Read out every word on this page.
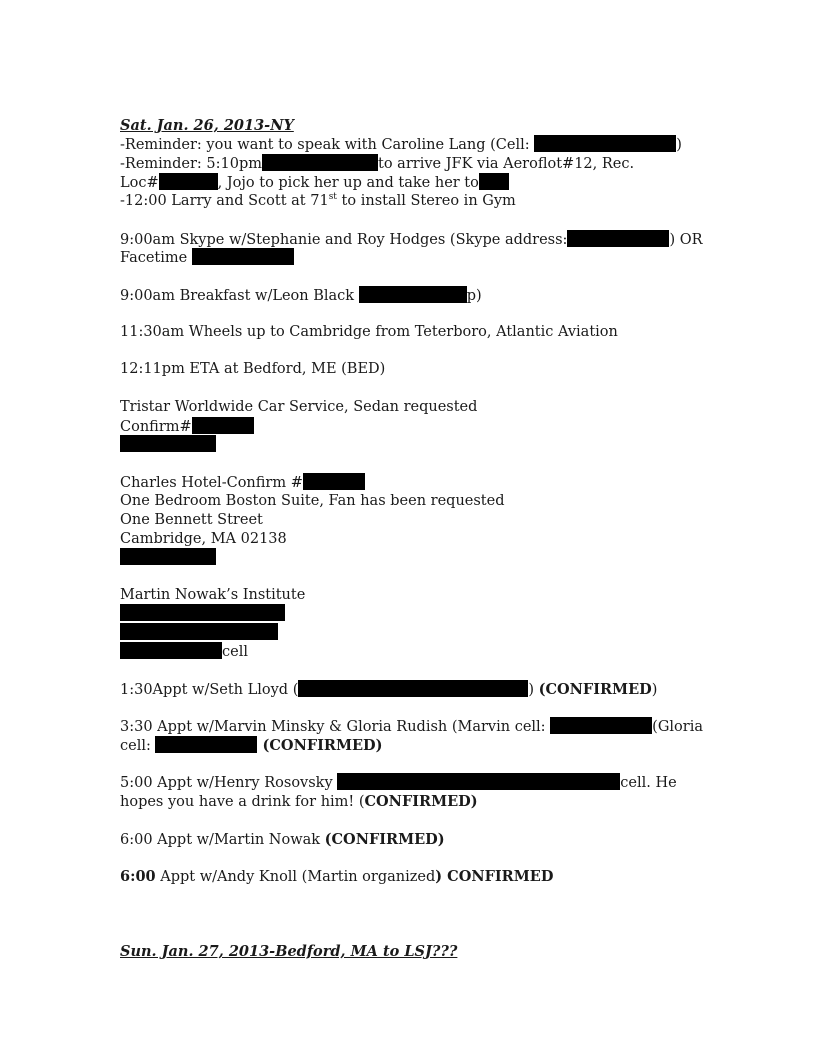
Sat. Jan. 26, 2013-NY
-Reminder: you want to speak with Caroline Lang (Cell:	)
-Reminder: 5:10pm	to arrive JFK via Aeroflot#12, Rec.
Loc#	, Jojo to pick her up and take her to
-12:00 Larry and Scott at 71st to install Stereo in Gym
9:00am Skype w/Stephanie and Roy Hodges (Skype address:	) OR
Facetime
9:00am Breakfast w/Leon Black	p)
11:30am Wheels up to Cambridge from Teterboro, Atlantic Aviation
12:11pm ETA at Bedford, ME (BED)
Tristar Worldwide Car Service, Sedan requested
Confirm#
Charles Hotel-Confirm #
One Bedroom Boston Suite, Fan has been requested
One Bennett Street
Cambridge, MA 02138
Martin Nowak’s Institute
cell
1:30Appt w/Seth Lloyd (	) (CONFIRMED)
3:30 Appt w/Marvin Minsky & Gloria Rudish (Marvin cell:	(Gloria
cell:	(CONFIRMED)
5:00 Appt w/Henry Rosovsky	cell. He
hopes you have a drink for him! (CONFIRMED)
6:00 Appt w/Martin Nowak (CONFIRMED)
6:00 Appt w/Andy Knoll (Martin organized) CONFIRMED
Sun. Jan. 27, 2013-Bedford, MA to LSJ???
